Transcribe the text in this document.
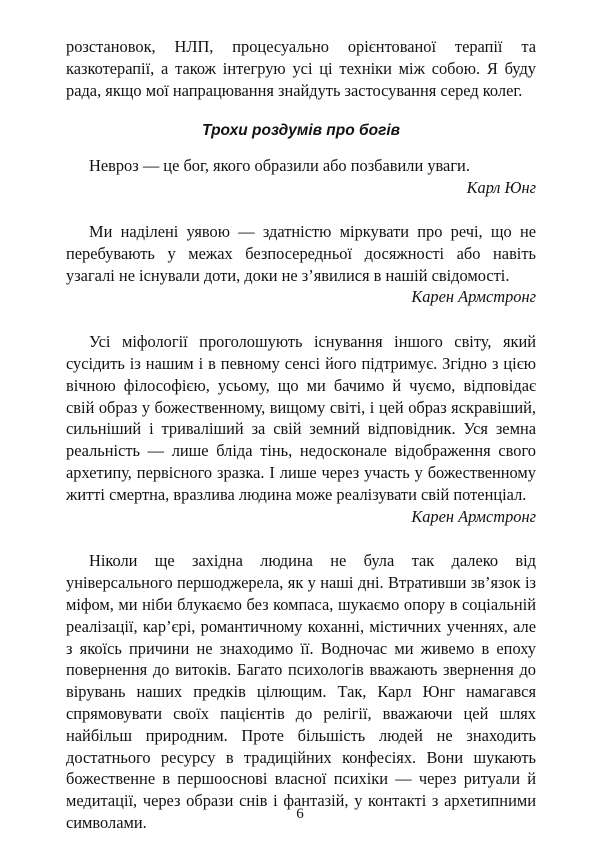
розстановок, НЛП, процесуально орієнтованої терапії та казкотерапії, а також інтегрую усі ці техніки між собою. Я буду рада, якщо мої напрацювання знайдуть застосування серед колег.

Трохи роздумів про богів

Невроз — це бог, якого образили або позбавили уваги.

Карл Юнг

Ми наділені уявою — здатністю міркувати про речі, що не перебувають у межах безпосередньої досяжності або навіть узагалі не існували доти, доки не з’явилися в нашій свідомості.

Карен Армстронг

Усі міфології проголошують існування іншого світу, який сусідить із нашим і в певному сенсі його підтримує. Згідно з цією вічною філософією, усьому, що ми бачимо й чуємо, відповідає свій образ у божественному, вищому світі, і цей образ яскравіший, сильніший і триваліший за свій земний відповідник. Уся земна реальність — лише бліда тінь, недосконале відображення свого архетипу, первісного зразка. І лише через участь у божественному житті смертна, вразлива людина може реалізувати свій потенціал.

Карен Армстронг

Ніколи ще західна людина не була так далеко від універсального першоджерела, як у наші дні. Втративши зв’язок із міфом, ми ніби блукаємо без компаса, шукаємо опору в соціальній реалізації, кар’єрі, романтичному коханні, містичних ученнях, але з якоїсь причини не знаходимо її. Водночас ми живемо в епоху повернення до витоків. Багато психологів вважають звернення до вірувань наших предків цілющим. Так, Карл Юнг намагався спрямовувати своїх пацієнтів до релігії, вважаючи цей шлях найбільш природним. Проте більшість людей не знаходить достатнього ресурсу в традиційних конфесіях. Вони шукають божественне в першооснові власної психіки — через ритуали й медитації, через образи снів і фантазій, у контакті з архетипними символами.	6
